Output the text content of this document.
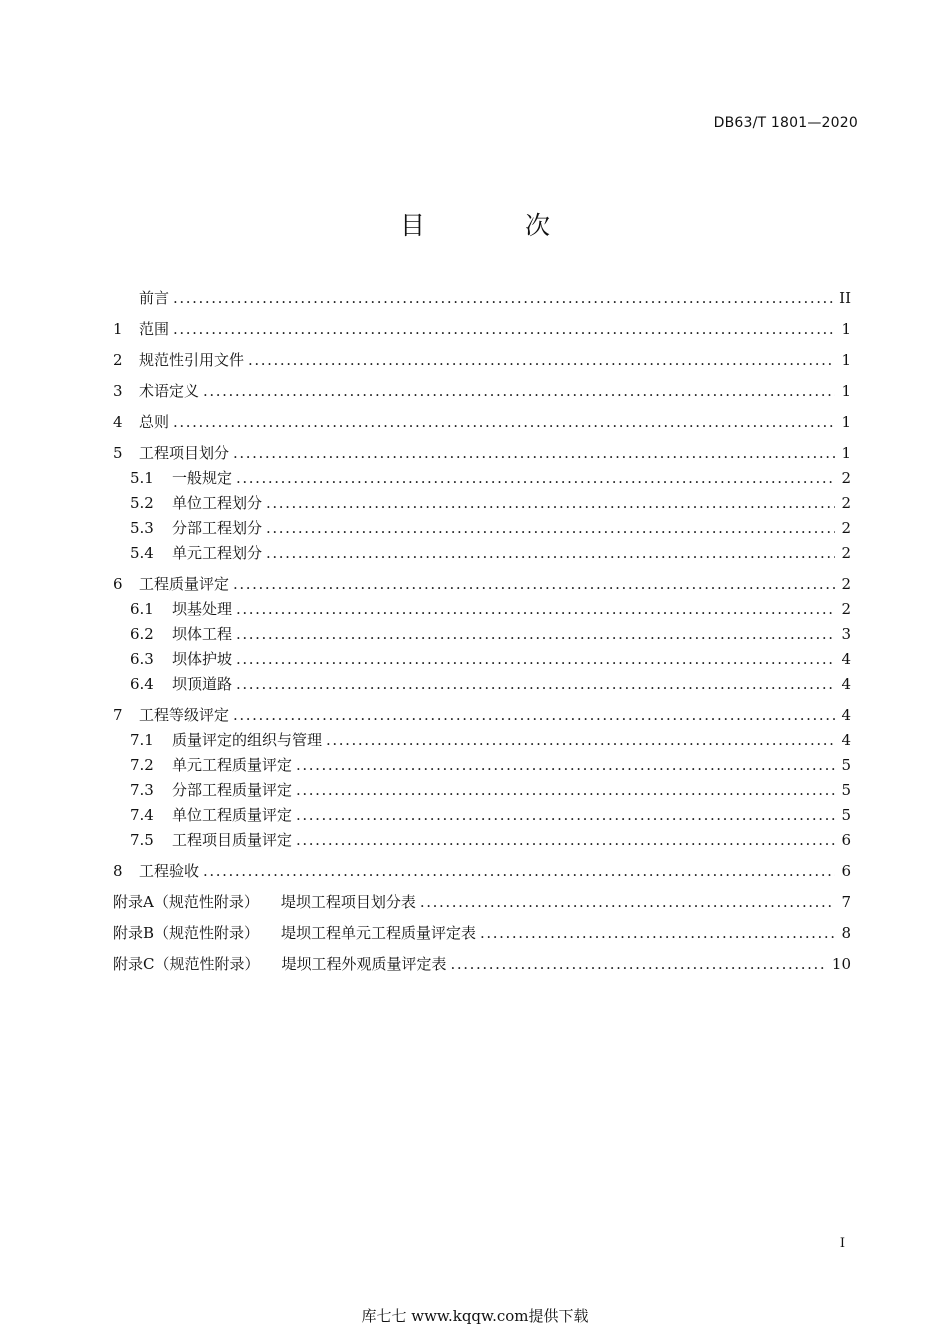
DB63/T 1801—2020
目 次
前言 .....	II
1	范围 .....	1
2	规范性引用文件 .....	1
3	术语定义 .....	1
4	总则 .....	1
5	工程项目划分 .....	1
5.1	一般规定 .....	2
5.2	单位工程划分 .....	2
5.3	分部工程划分 .....	2
5.4	单元工程划分 .....	2
6	工程质量评定 .....	2
6.1	坝基处理 .....	2
6.2	坝体工程 .....	3
6.3	坝体护坡 .....	4
6.4	坝顶道路 .....	4
7	工程等级评定 .....	4
7.1	质量评定的组织与管理 .....	4
7.2	单元工程质量评定 .....	5
7.3	分部工程质量评定 .....	5
7.4	单位工程质量评定 .....	5
7.5	工程项目质量评定 .....	6
8	工程验收 .....	6
附录A（规范性附录） 堤坝工程项目划分表 .....	7
附录B（规范性附录） 堤坝工程单元工程质量评定表 .....	8
附录C（规范性附录） 堤坝工程外观质量评定表 .....	10
I
库七七 www.kqqw.com提供下载
